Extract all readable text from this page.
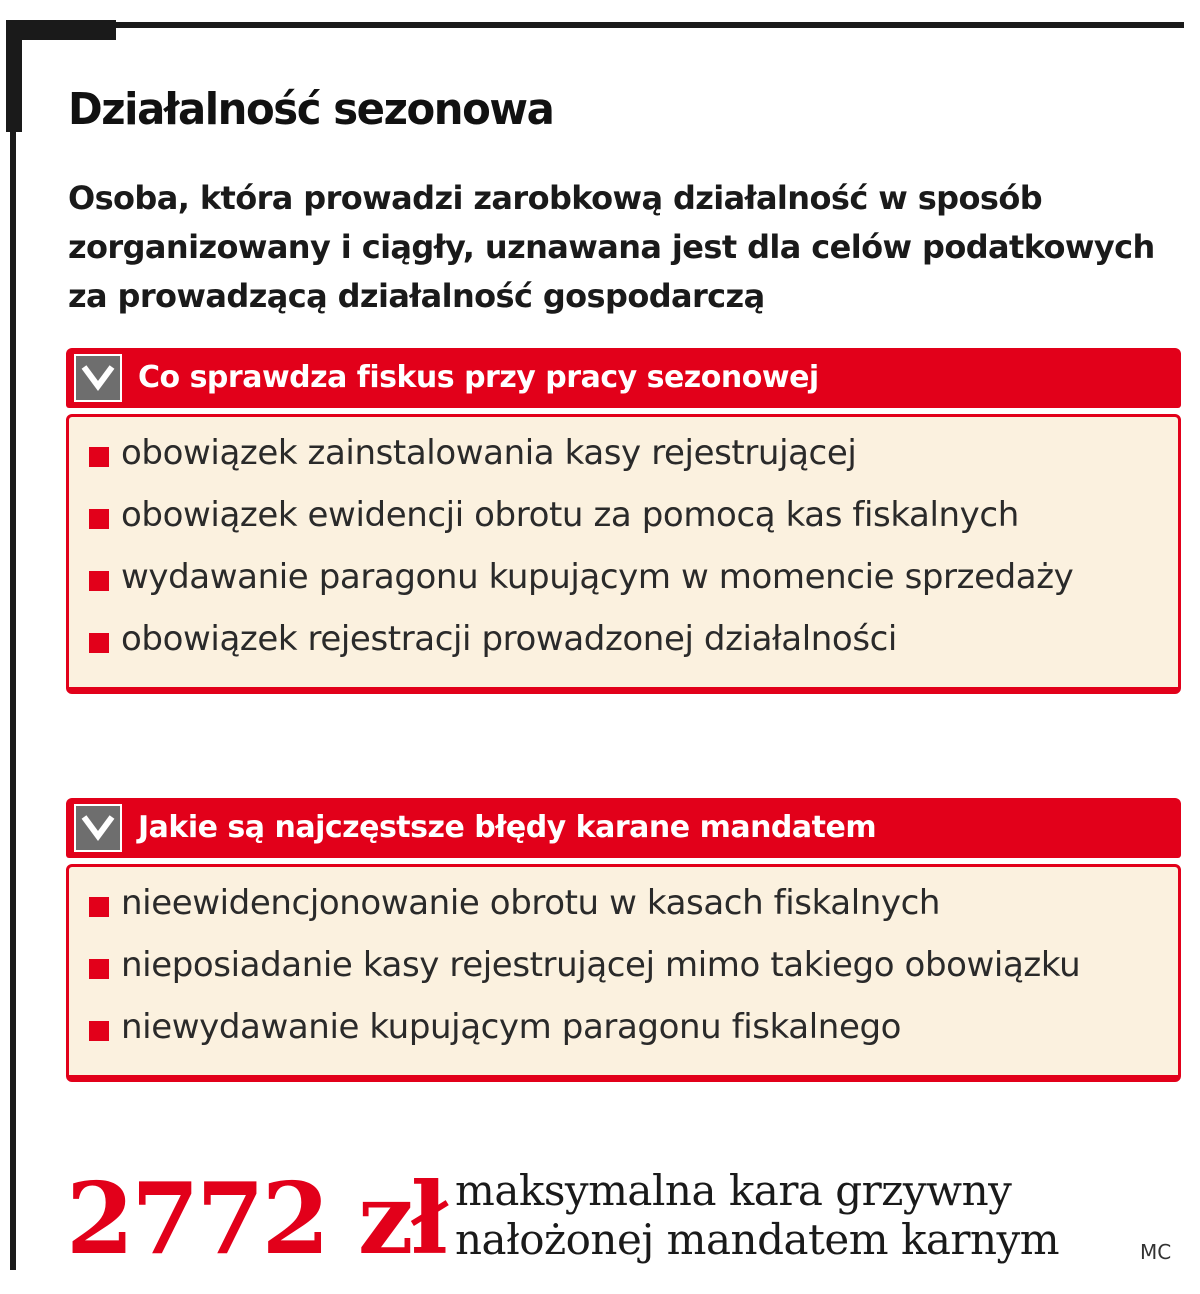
Działalność sezonowa
Osoba, która prowadzi zarobkową działalność w sposób zorganizowany i ciągły, uznawana jest dla celów podatkowych za prowadzącą działalność gospodarczą
Co sprawdza fiskus przy pracy sezonowej
obowiązek zainstalowania kasy rejestrującej
obowiązek ewidencji obrotu za pomocą kas fiskalnych
wydawanie paragonu kupującym w momencie sprzedaży
obowiązek rejestracji prowadzonej działalności
Jakie są najczęstsze błędy karane mandatem
nieewidencjonowanie obrotu w kasach fiskalnych
nieposiadanie kasy rejestrującej mimo takiego obowiązku
niewydawanie kupującym paragonu fiskalnego
2772 zł maksymalna kara grzywny nałożonej mandatem karnym	MC
